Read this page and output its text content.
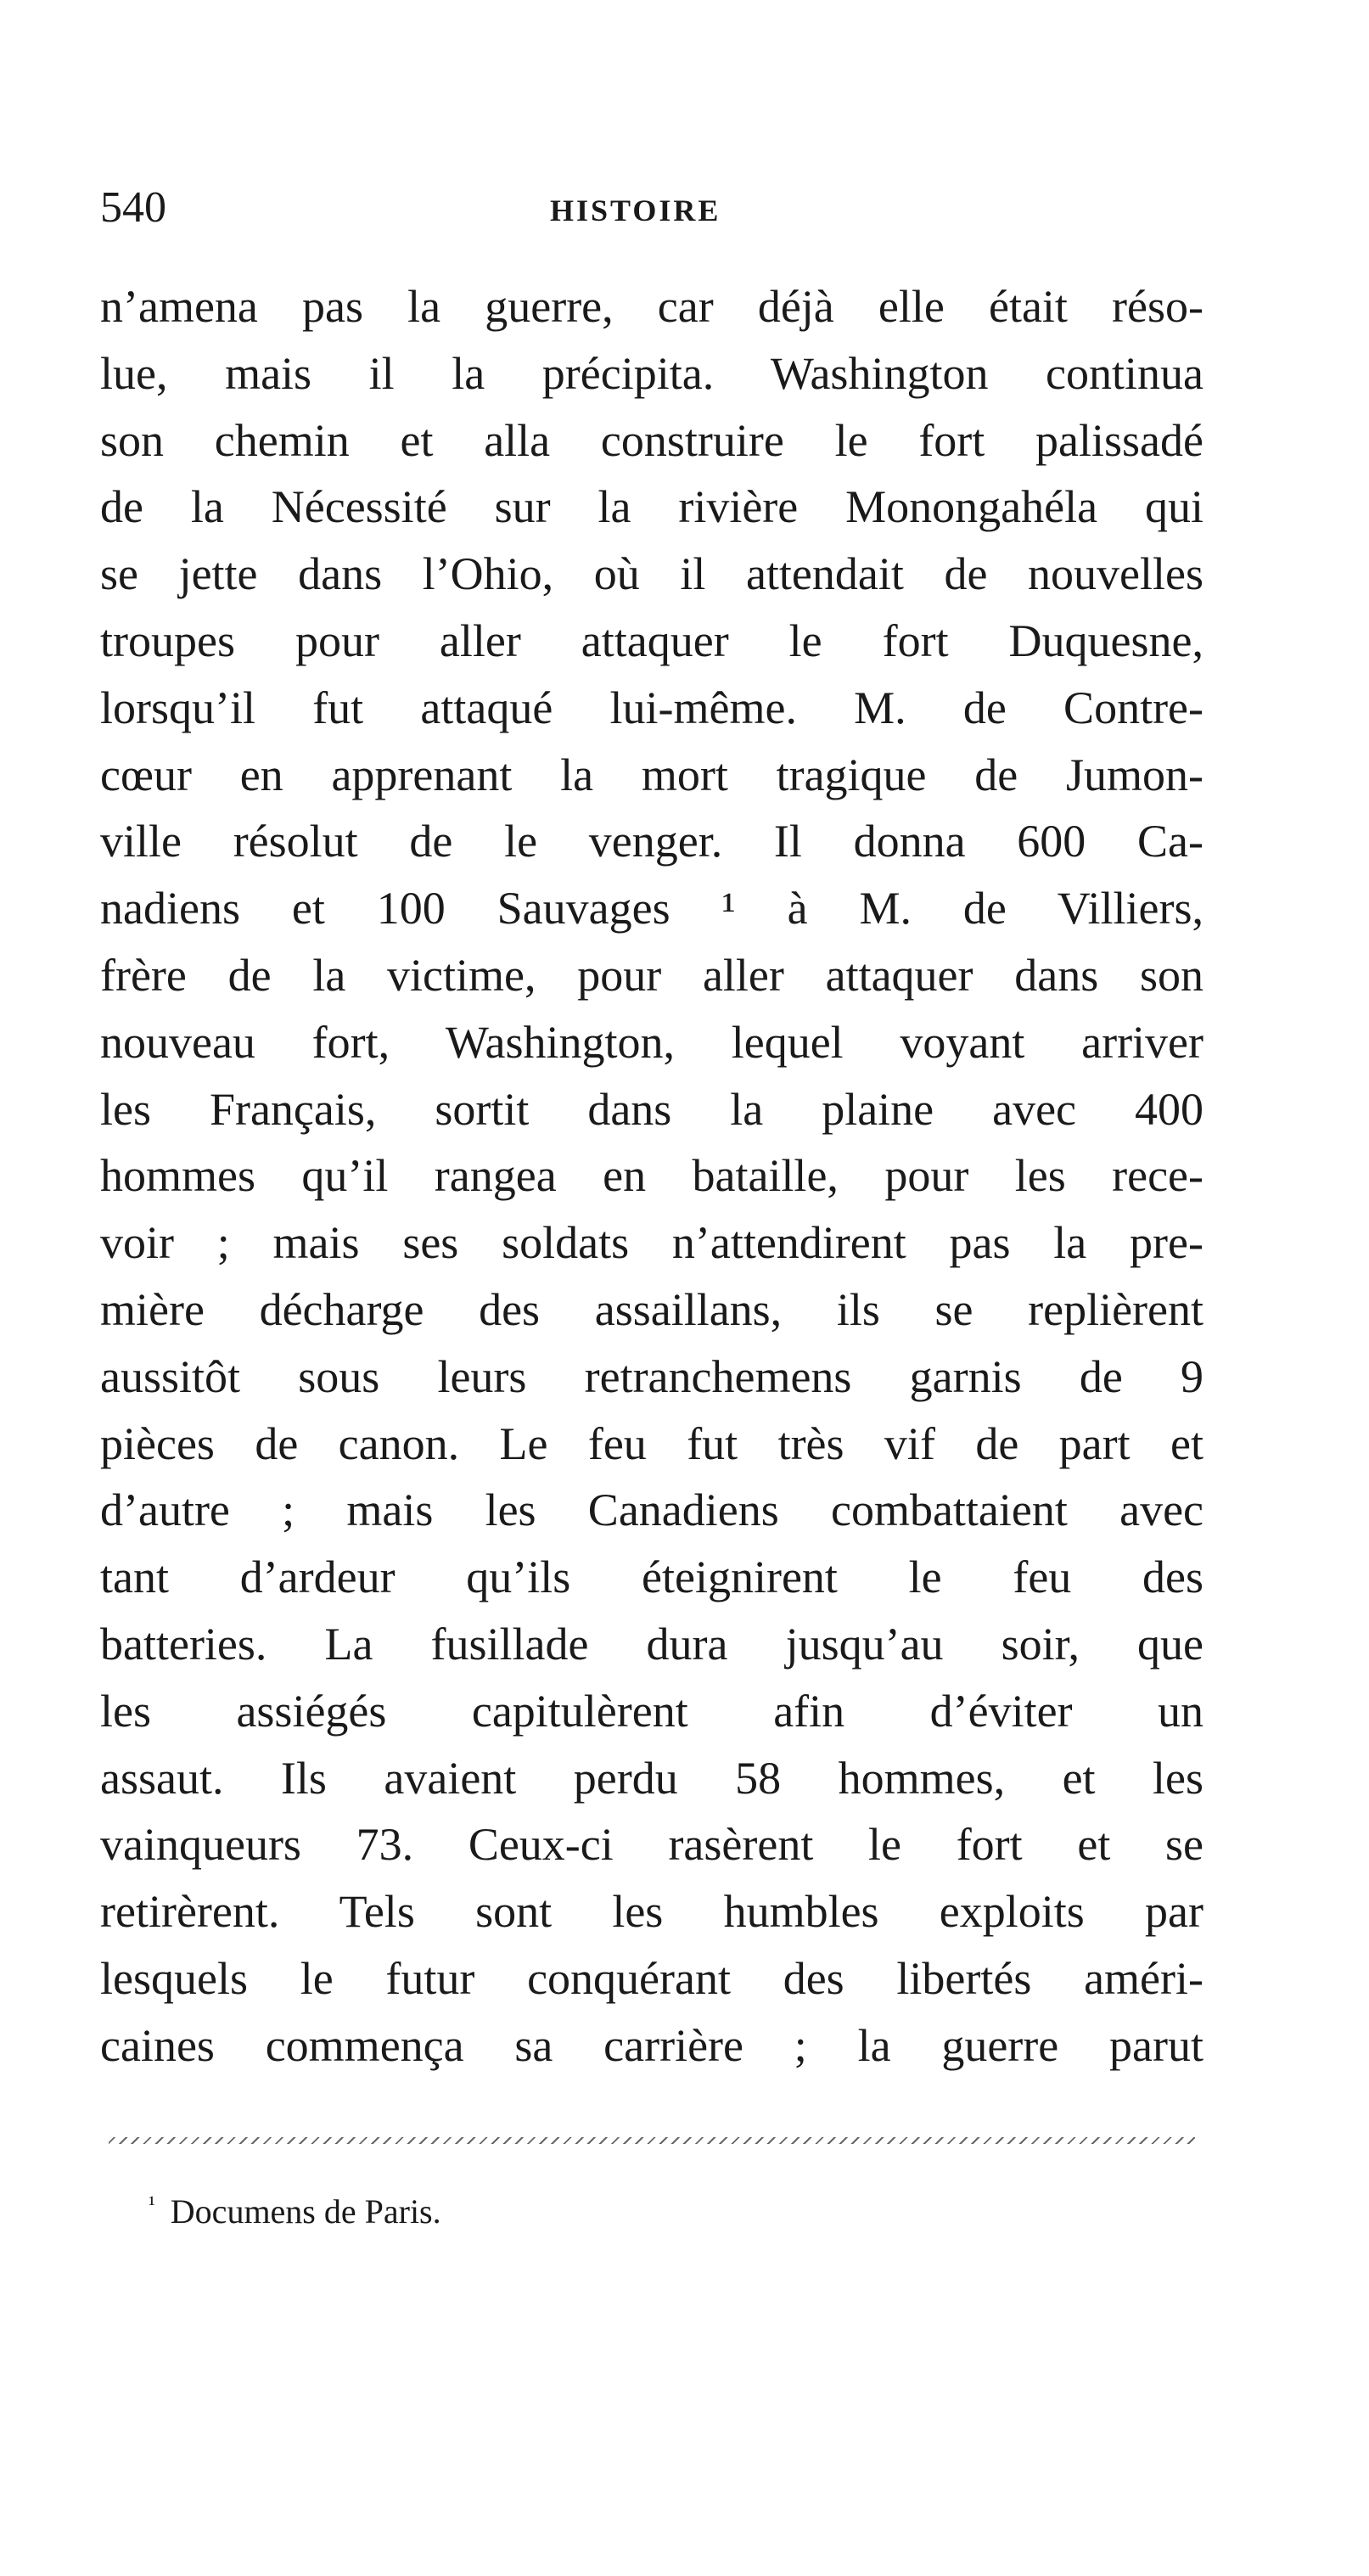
540	HISTOIRE
n’amena pas la guerre, car déjà elle était réso-
lue, mais il la précipita. Washington continua
son chemin et alla construire le fort palissadé
de la Nécessité sur la rivière Monongahéla qui
se jette dans l’Ohio, où il attendait de nouvelles
troupes pour aller attaquer le fort Duquesne,
lorsqu’il fut attaqué lui-même. M. de Contre-
cœur en apprenant la mort tragique de Jumon-
ville résolut de le venger. Il donna 600 Ca-
nadiens et 100 Sauvages ¹ à M. de Villiers,
frère de la victime, pour aller attaquer dans son
nouveau fort, Washington, lequel voyant arriver
les Français, sortit dans la plaine avec 400
hommes qu’il rangea en bataille, pour les rece-
voir ; mais ses soldats n’attendirent pas la pre-
mière décharge des assaillans, ils se replièrent
aussitôt sous leurs retranchemens garnis de 9
pièces de canon. Le feu fut très vif de part et
d’autre ; mais les Canadiens combattaient avec
tant d’ardeur qu’ils éteignirent le feu des
batteries. La fusillade dura jusqu’au soir, que
les assiégés capitulèrent afin d’éviter un
assaut. Ils avaient perdu 58 hommes, et les
vainqueurs 73. Ceux-ci rasèrent le fort et se
retirèrent. Tels sont les humbles exploits par
lesquels le futur conquérant des libertés améri-
caines commença sa carrière ; la guerre parut
$^{^1}$ Documens de Paris.
